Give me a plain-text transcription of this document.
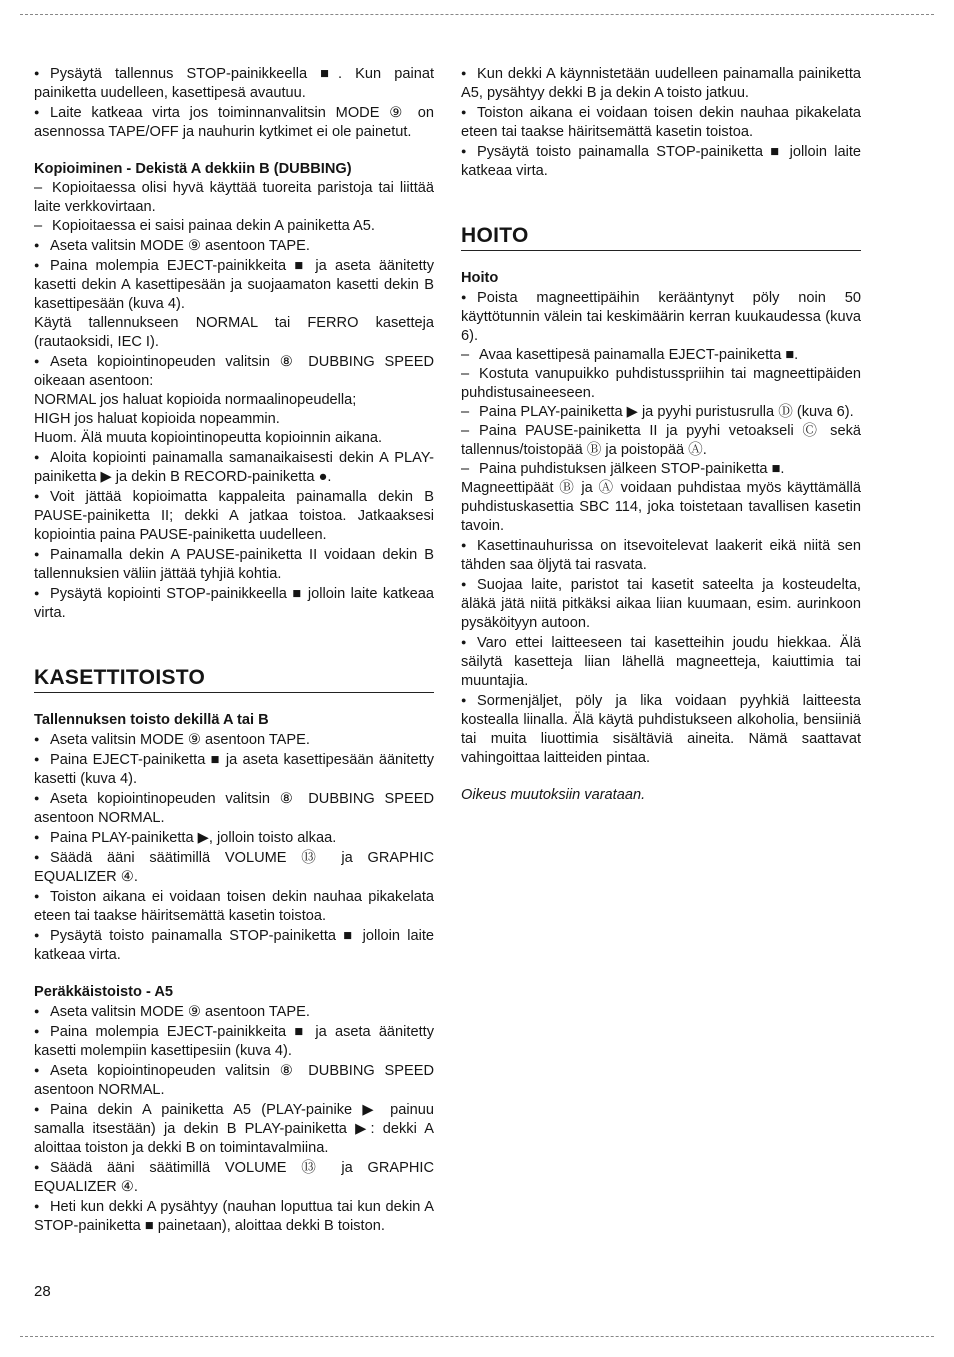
● Pysäytä tallennus STOP-painikkeella ■. Kun painat painiketta uudelleen, kasettipesä avautuu.
● Laite katkeaa virta jos toiminnanvalitsin MODE ⑨ on asennossa TAPE/OFF ja nauhurin kytkimet ei ole painetut.
Kopioiminen - Dekistä A dekkiin B (DUBBING)
– Kopioitaessa olisi hyvä käyttää tuoreita paristoja tai liittää laite verkkovirtaan.
– Kopioitaessa ei saisi painaa dekin A painiketta A5.
● Aseta valitsin MODE ⑨ asentoon TAPE.
● Paina molempia EJECT-painikkeita ■ ja aseta äänitetty kasetti dekin A kasettipesään ja suojaamaton kasetti dekin B kasettipesään (kuva 4).
Käytä tallennukseen NORMAL tai FERRO kasetteja (rautaoksidi, IEC I).
● Aseta kopiointinopeuden valitsin ⑧ DUBBING SPEED oikeaan asentoon:
NORMAL jos haluat kopioida normaalinopeudella;
HIGH jos haluat kopioida nopeammin.
Huom. Älä muuta kopiointinopeutta kopioinnin aikana.
● Aloita kopiointi painamalla samanaikaisesti dekin A PLAY-painiketta ▶ ja dekin B RECORD-painiketta ●.
● Voit jättää kopioimatta kappaleita painamalla dekin B PAUSE-painiketta II; dekki A jatkaa toistoa. Jatkaaksesi kopiointia paina PAUSE-painiketta uudelleen.
● Painamalla dekin A PAUSE-painiketta II voidaan dekin B tallennuksien väliin jättää tyhjiä kohtia.
● Pysäytä kopiointi STOP-painikkeella ■ jolloin laite katkeaa virta.
KASETTITOISTO
Tallennuksen toisto dekillä A tai B
● Aseta valitsin MODE ⑨ asentoon TAPE.
● Paina EJECT-painiketta ■ ja aseta kasettipesään äänitetty kasetti (kuva 4).
● Aseta kopiointinopeuden valitsin ⑧ DUBBING SPEED asentoon NORMAL.
● Paina PLAY-painiketta ▶, jolloin toisto alkaa.
● Säädä ääni säätimillä VOLUME ⑬ ja GRAPHIC EQUALIZER ④.
● Toiston aikana ei voidaan toisen dekin nauhaa pikakelata eteen tai taakse häiritsemättä kasetin toistoa.
● Pysäytä toisto painamalla STOP-painiketta ■ jolloin laite katkeaa virta.
Peräkkäistoisto - A5
● Aseta valitsin MODE ⑨ asentoon TAPE.
● Paina molempia EJECT-painikkeita ■ ja aseta äänitetty kasetti molempiin kasettipesiin (kuva 4).
● Aseta kopiointinopeuden valitsin ⑧ DUBBING SPEED asentoon NORMAL.
● Paina dekin A painiketta A5 (PLAY-painike ▶ painuu samalla itsestään) ja dekin B PLAY-painiketta ▶: dekki A aloittaa toiston ja dekki B on toimintavalmiina.
● Säädä ääni säätimillä VOLUME ⑬ ja GRAPHIC EQUALIZER ④.
● Heti kun dekki A pysähtyy (nauhan loputtua tai kun dekin A STOP-painiketta ■ painetaan), aloittaa dekki B toiston.
● Kun dekki A käynnistetään uudelleen painamalla painiketta A5, pysähtyy dekki B ja dekin A toisto jatkuu.
● Toiston aikana ei voidaan toisen dekin nauhaa pikakelata eteen tai taakse häiritsemättä kasetin toistoa.
● Pysäytä toisto painamalla STOP-painiketta ■ jolloin laite katkeaa virta.
HOITO
Hoito
● Poista magneettipäihin kerääntynyt pöly noin 50 käyttötunnin välein tai keskimäärin kerran kuukaudessa (kuva 6).
– Avaa kasettipesä painamalla EJECT-painiketta ■.
– Kostuta vanupuikko puhdistusspriihin tai magneettipäiden puhdistusaineeseen.
– Paina PLAY-painiketta ▶ ja pyyhi puristusrulla Ⓓ (kuva 6).
– Paina PAUSE-painiketta II ja pyyhi vetoakseli Ⓒ sekä tallennus/toistopää Ⓑ ja poistopää Ⓐ.
– Paina puhdistuksen jälkeen STOP-painiketta ■.
Magneettipäät Ⓑ ja Ⓐ voidaan puhdistaa myös käyttämällä puhdistuskasettia SBC 114, joka toistetaan tavallisen kasetin tavoin.
● Kasettinauhurissa on itsevoitelevat laakerit eikä niitä sen tähden saa öljytä tai rasvata.
● Suojaa laite, paristot tai kasetit sateelta ja kosteudelta, äläkä jätä niitä pitkäksi aikaa liian kuumaan, esim. aurinkoon pysäköityyn autoon.
● Varo ettei laitteeseen tai kasetteihin joudu hiekkaa. Älä säilytä kasetteja liian lähellä magneetteja, kaiuttimia tai muuntajia.
● Sormenjäljet, pöly ja lika voidaan pyyhkiä laitteesta kostealla liinalla. Älä käytä puhdistukseen alkoholia, bensiiniä tai muita liuottimia sisältäviä aineita. Nämä saattavat vahingoittaa laitteiden pintaa.
Oikeus muutoksiin varataan.
28
